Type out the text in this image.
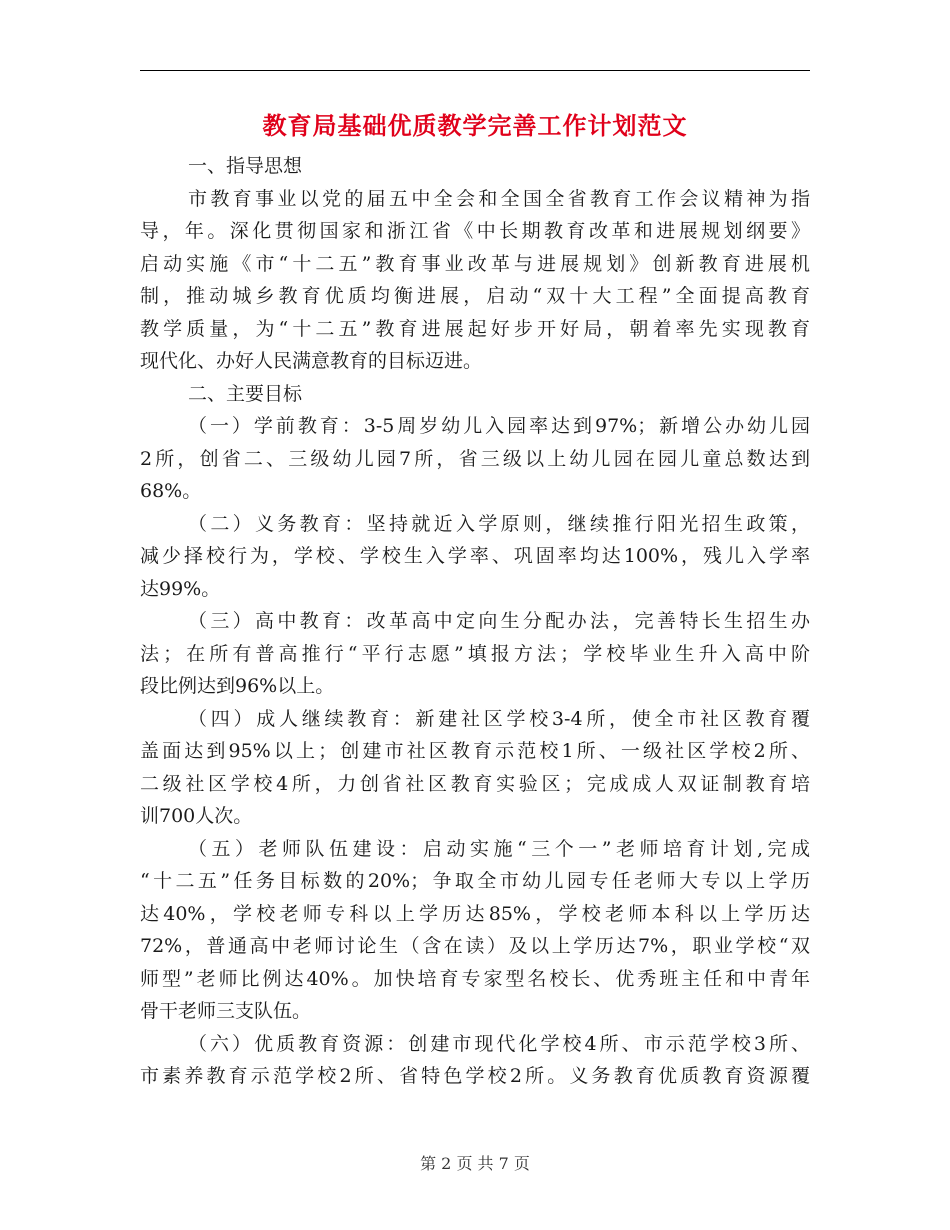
教育局基础优质教学完善工作计划范文
一、指导思想
市教育事业以党的届五中全会和全国全省教育工作会议精神为指
导，年。深化贯彻国家和浙江省《中长期教育改革和进展规划纲要》
启动实施《市“十二五”教育事业改革与进展规划》创新教育进展机
制，推动城乡教育优质均衡进展，启动“双十大工程”全面提高教育
教学质量，为“十二五”教育进展起好步开好局，朝着率先实现教育
现代化、办好人民满意教育的目标迈进。
二、主要目标
（一）学前教育：3-5周岁幼儿入园率达到97%；新增公办幼儿园
2所，创省二、三级幼儿园7所，省三级以上幼儿园在园儿童总数达到
68%。
（二）义务教育：坚持就近入学原则，继续推行阳光招生政策，
减少择校行为，学校、学校生入学率、巩固率均达100%，残儿入学率
达99%。
（三）高中教育：改革高中定向生分配办法，完善特长生招生办
法；在所有普高推行“平行志愿”填报方法；学校毕业生升入高中阶
段比例达到96%以上。
（四）成人继续教育：新建社区学校3-4所，使全市社区教育覆
盖面达到95%以上；创建市社区教育示范校1所、一级社区学校2所、
二级社区学校4所，力创省社区教育实验区；完成成人双证制教育培
训700人次。
（五）老师队伍建设：启动实施“三个一”老师培育计划,完成
“十二五”任务目标数的20%；争取全市幼儿园专任老师大专以上学历
达40%，学校老师专科以上学历达85%，学校老师本科以上学历达
72%，普通高中老师讨论生（含在读）及以上学历达7%，职业学校“双
师型”老师比例达40%。加快培育专家型名校长、优秀班主任和中青年
骨干老师三支队伍。
（六）优质教育资源：创建市现代化学校4所、市示范学校3所、
市素养教育示范学校2所、省特色学校2所。义务教育优质教育资源覆
第 2 页 共 7 页
